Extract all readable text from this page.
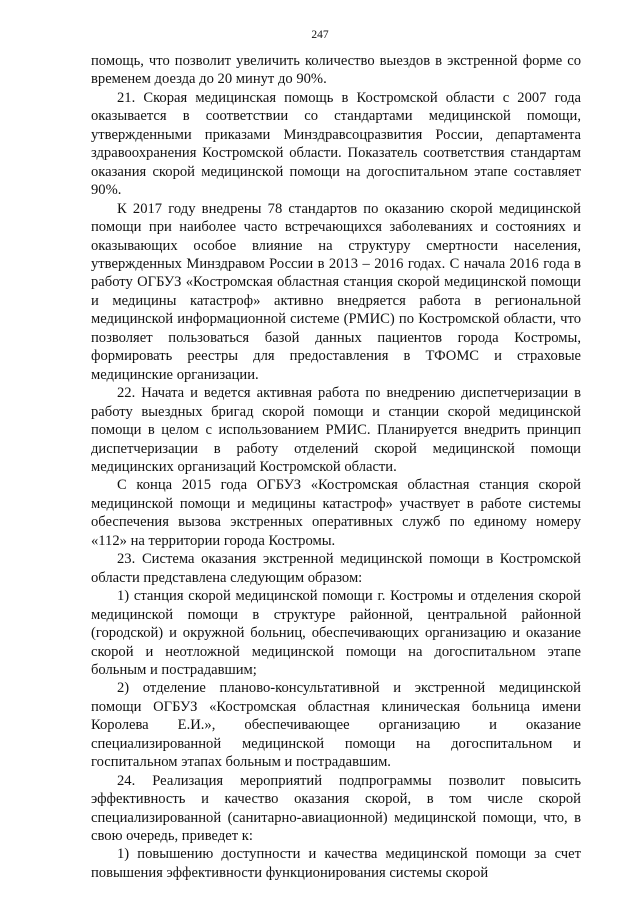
247

помощь, что позволит увеличить количество выездов в экстренной форме со временем доезда до 20 минут до 90%.

21. Скорая медицинская помощь в Костромской области с 2007 года оказывается в соответствии со стандартами медицинской помощи, утвержденными приказами Минздравсоцразвития России, департамента здравоохранения Костромской области. Показатель соответствия стандартам оказания скорой медицинской помощи на догоспитальном этапе составляет 90%.

К 2017 году внедрены 78 стандартов по оказанию скорой медицинской помощи при наиболее часто встречающихся заболеваниях и состояниях и оказывающих особое влияние на структуру смертности населения, утвержденных Минздравом России в 2013 – 2016 годах. С начала 2016 года в работу ОГБУЗ «Костромская областная станция скорой медицинской помощи и медицины катастроф» активно внедряется работа в региональной медицинской информационной системе (РМИС) по Костромской области, что позволяет пользоваться базой данных пациентов города Костромы, формировать реестры для предоставления в ТФОМС и страховые медицинские организации.

22. Начата и ведется активная работа по внедрению диспетчеризации в работу выездных бригад скорой помощи и станции скорой медицинской помощи в целом с использованием РМИС. Планируется внедрить принцип диспетчеризации в работу отделений скорой медицинской помощи медицинских организаций Костромской области.

С конца 2015 года ОГБУЗ «Костромская областная станция скорой медицинской помощи и медицины катастроф» участвует в работе системы обеспечения вызова экстренных оперативных служб по единому номеру «112» на территории города Костромы.

23. Система оказания экстренной медицинской помощи в Костромской области представлена следующим образом:

1) станция скорой медицинской помощи г. Костромы и отделения скорой медицинской помощи в структуре районной, центральной районной (городской) и окружной больниц, обеспечивающих организацию и оказание скорой и неотложной медицинской помощи на догоспитальном этапе больным и пострадавшим;

2) отделение планово-консультативной и экстренной медицинской помощи ОГБУЗ «Костромская областная клиническая больница имени Королева Е.И.», обеспечивающее организацию и оказание специализированной медицинской помощи на догоспитальном и госпитальном этапах больным и пострадавшим.

24. Реализация мероприятий подпрограммы позволит повысить эффективность и качество оказания скорой, в том числе скорой специализированной (санитарно-авиационной) медицинской помощи, что, в свою очередь, приведет к:

1) повышению доступности и качества медицинской помощи за счет повышения эффективности функционирования системы скорой
